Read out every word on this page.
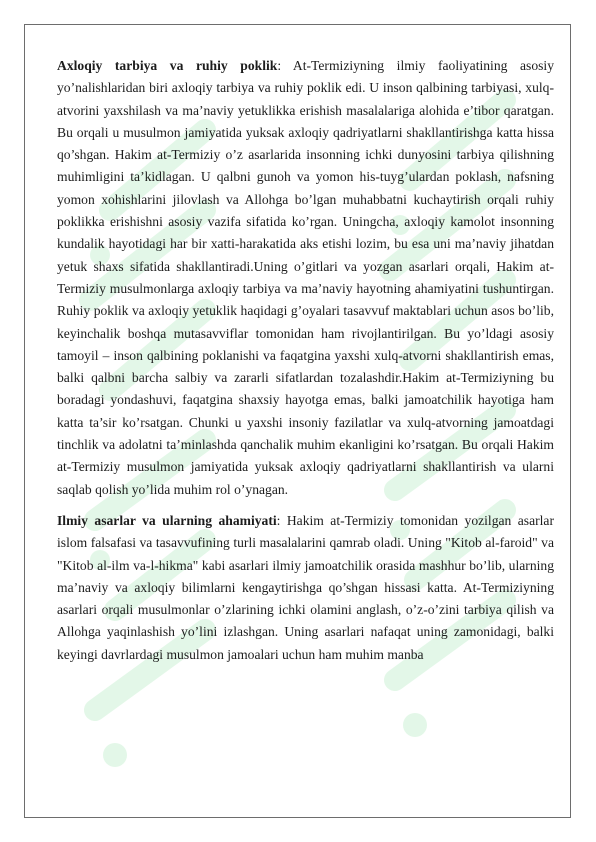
Axloqiy tarbiya va ruhiy poklik: At-Termiziyning ilmiy faoliyatining asosiy yo’nalishlaridan biri axloqiy tarbiya va ruhiy poklik edi. U inson qalbining tarbiyasi, xulq-atvorini yaxshilash va ma’naviy yetuklikka erishish masalalariga alohida e’tibor qaratgan. Bu orqali u musulmon jamiyatida yuksak axloqiy qadriyatlarni shakllantirishga katta hissa qo’shgan. Hakim at-Termiziy o’z asarlarida insonning ichki dunyosini tarbiya qilishning muhimligini ta’kidlagan. U qalbni gunoh va yomon his-tuyg’ulardan poklash, nafsning yomon xohishlarini jilovlash va Allohga bo’lgan muhabbatni kuchaytirish orqali ruhiy poklikka erishishni asosiy vazifa sifatida ko’rgan. Uningcha, axloqiy kamolot insonning kundalik hayotidagi har bir xatti-harakatida aks etishi lozim, bu esa uni ma’naviy jihatdan yetuk shaxs sifatida shakllantiradi.Uning o’gitlari va yozgan asarlari orqali, Hakim at-Termiziy musulmonlarga axloqiy tarbiya va ma’naviy hayotning ahamiyatini tushuntirgan. Ruhiy poklik va axloqiy yetuklik haqidagi g’oyalari tasavvuf maktablari uchun asos bo’lib, keyinchalik boshqa mutasavviflar tomonidan ham rivojlantirilgan. Bu yo’ldagi asosiy tamoyil – inson qalbining poklanishi va faqatgina yaxshi xulq-atvorni shakllantirish emas, balki qalbni barcha salbiy va zararli sifatlardan tozalashdir.Hakim at-Termiziyning bu boradagi yondashuvi, faqatgina shaxsiy hayotga emas, balki jamoatchilik hayotiga ham katta ta’sir ko’rsatgan. Chunki u yaxshi insoniy fazilatlar va xulq-atvorning jamoatdagi tinchlik va adolatni ta’minlashda qanchalik muhim ekanligini ko’rsatgan. Bu orqali Hakim at-Termiziy musulmon jamiyatida yuksak axloqiy qadriyatlarni shakllantirish va ularni saqlab qolish yo’lida muhim rol o’ynagan.

Ilmiy asarlar va ularning ahamiyati: Hakim at-Termiziy tomonidan yozilgan asarlar islom falsafasi va tasavvufining turli masalalarini qamrab oladi. Uning "Kitob al-faroid" va "Kitob al-ilm va-l-hikma" kabi asarlari ilmiy jamoatchilik orasida mashhur bo’lib, ularning ma’naviy va axloqiy bilimlarni kengaytirishga qo’shgan hissasi katta. At-Termiziyning asarlari orqali musulmonlar o’zlarining ichki olamini anglash, o’z-o’zini tarbiya qilish va Allohga yaqinlashish yo’lini izlashgan. Uning asarlari nafaqat uning zamonidagi, balki keyingi davrlardagi musulmon jamoalari uchun ham muhim manba
